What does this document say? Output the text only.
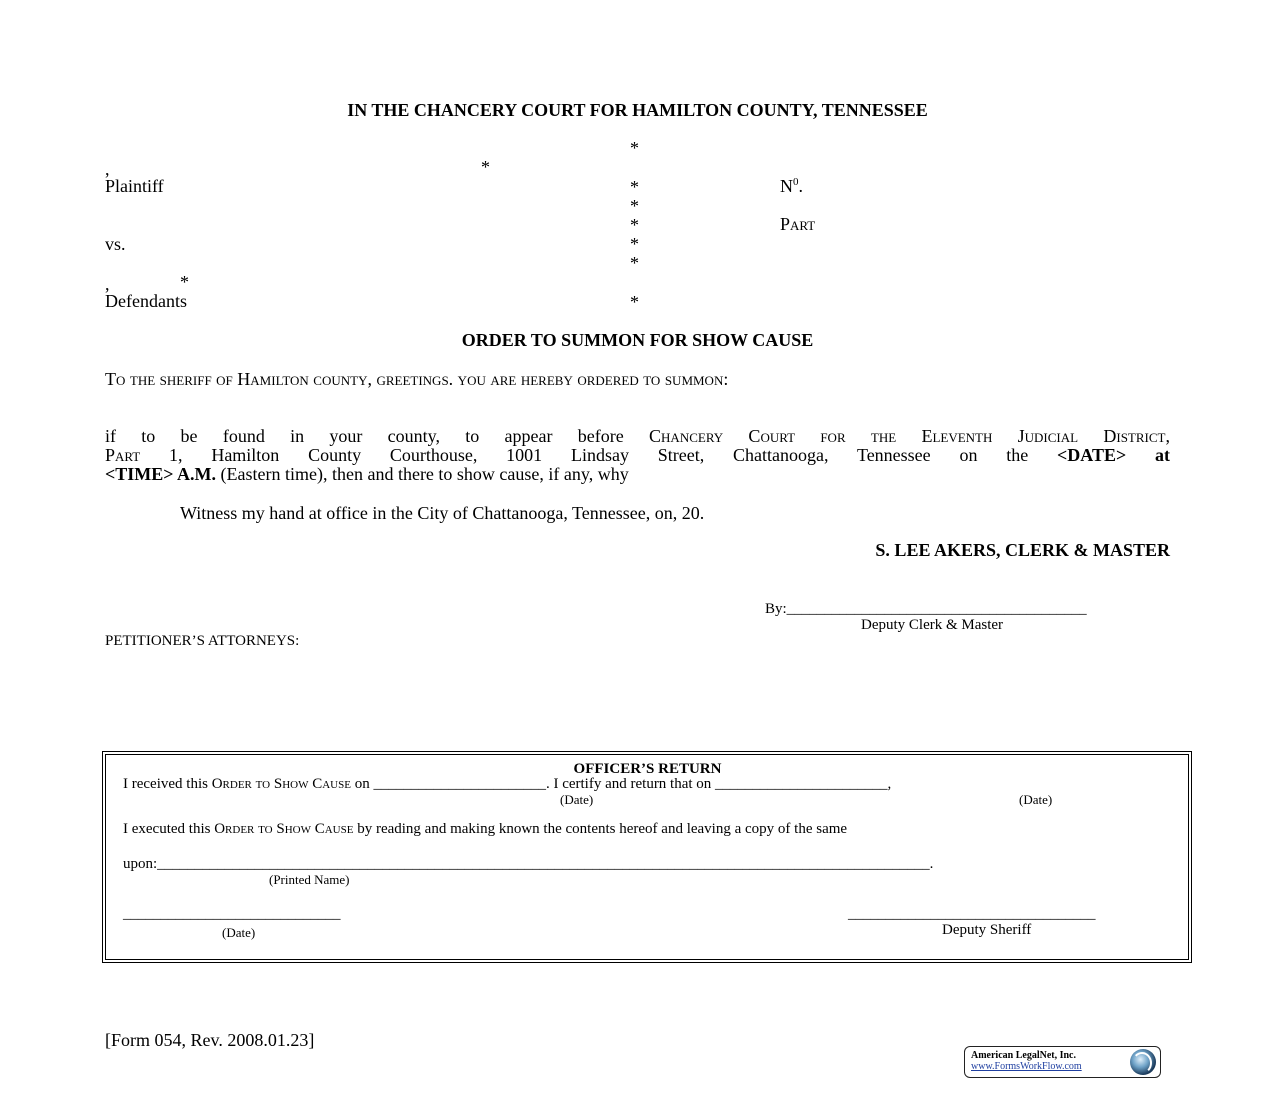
IN THE CHANCERY COURT FOR HAMILTON COUNTY, TENNESSEE
*
,	*
Plaintiff	*	$N^0$.
*
*	Part
vs.	*
*
,	*
Defendants	*
ORDER TO SUMMON FOR SHOW CAUSE
To the sheriff of Hamilton county, greetings. you are hereby ordered to summon:
if to be found in your county, to appear before Chancery Court for the Eleventh Judicial District,
Part 1, Hamilton County Courthouse, 1001 Lindsay Street, Chattanooga, Tennessee on the <DATE> at
<TIME> A.M. (Eastern time), then and there to show cause, if any, why
Witness my hand at office in the City of Chattanooga, Tennessee, on, 20.
S. LEE AKERS, CLERK & MASTER
By:________________________________________
Deputy Clerk & Master
PETITIONER’S ATTORNEYS:
OFFICER’S RETURN
I received this Order to Show Cause on _______________________. I certify and return that on _______________________,
(Date)	(Date)
I executed this Order to Show Cause by reading and making known the contents hereof and leaving a copy of the same
upon:_______________________________________________________________________________________________________.
(Printed Name)
_____________________________
(Date)
_________________________________
Deputy Sheriff
[Form 054, Rev. 2008.01.23]
American LegalNet, Inc.
www.FormsWorkFlow.com
